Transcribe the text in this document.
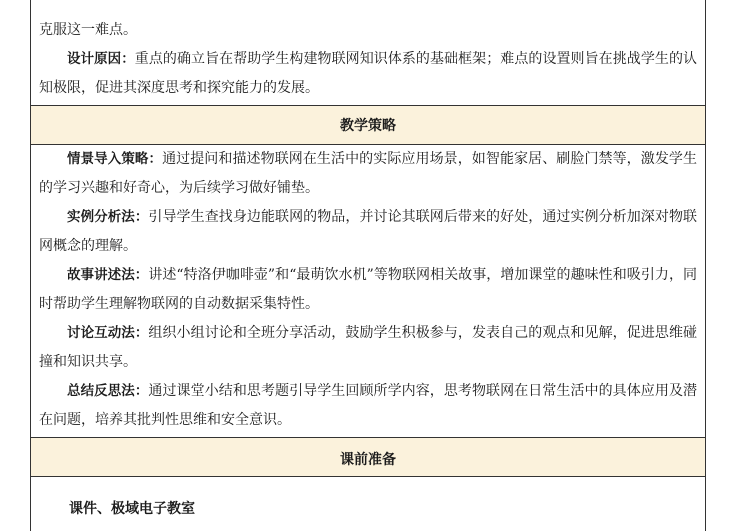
克服这一难点。

设计原因：重点的确立旨在帮助学生构建物联网知识体系的基础框架；难点的设置则旨在挑战学生的认知极限，促进其深度思考和探究能力的发展。

教学策略

情景导入策略：通过提问和描述物联网在生活中的实际应用场景，如智能家居、刷脸门禁等，激发学生的学习兴趣和好奇心，为后续学习做好铺垫。

实例分析法：引导学生查找身边能联网的物品，并讨论其联网后带来的好处，通过实例分析加深对物联网概念的理解。

故事讲述法：讲述“特洛伊咖啡壶”和“最萌饮水机”等物联网相关故事，增加课堂的趣味性和吸引力，同时帮助学生理解物联网的自动数据采集特性。

讨论互动法：组织小组讨论和全班分享活动，鼓励学生积极参与，发表自己的观点和见解，促进思维碰撞和知识共享。

总结反思法：通过课堂小结和思考题引导学生回顾所学内容，思考物联网在日常生活中的具体应用及潜在问题，培养其批判性思维和安全意识。

课前准备

课件、极域电子教室
